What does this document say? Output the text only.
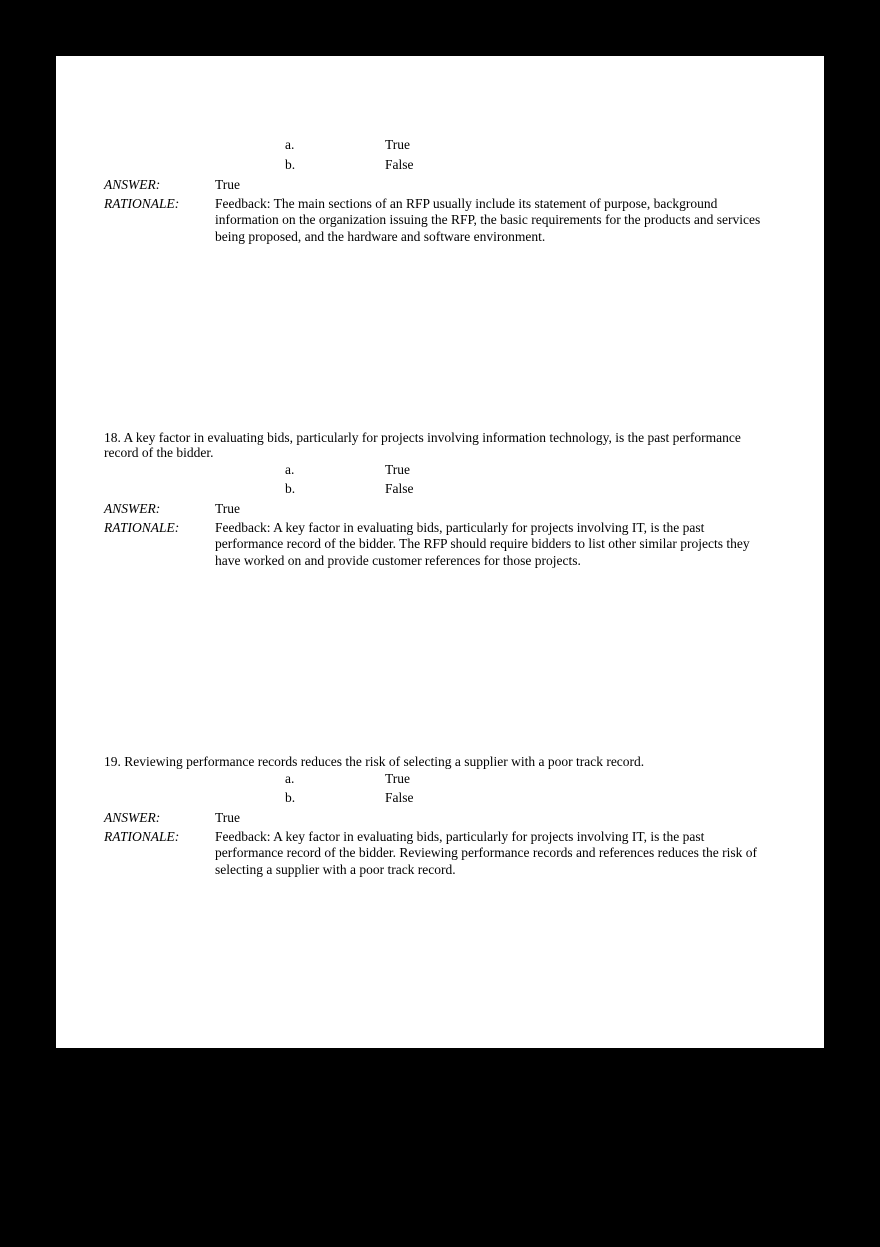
a.	True
b.	False
ANSWER:	True
RATIONALE:	Feedback: The main sections of an RFP usually include its statement of purpose, background information on the organization issuing the RFP, the basic requirements for the products and services being proposed, and the hardware and software environment.
18. A key factor in evaluating bids, particularly for projects involving information technology, is the past performance record of the bidder.
a.	True
b.	False
ANSWER:	True
RATIONALE:	Feedback: A key factor in evaluating bids, particularly for projects involving IT, is the past performance record of the bidder. The RFP should require bidders to list other similar projects they have worked on and provide customer references for those projects.
19. Reviewing performance records reduces the risk of selecting a supplier with a poor track record.
a.	True
b.	False
ANSWER:	True
RATIONALE:	Feedback: A key factor in evaluating bids, particularly for projects involving IT, is the past performance record of the bidder. Reviewing performance records and references reduces the risk of selecting a supplier with a poor track record.
